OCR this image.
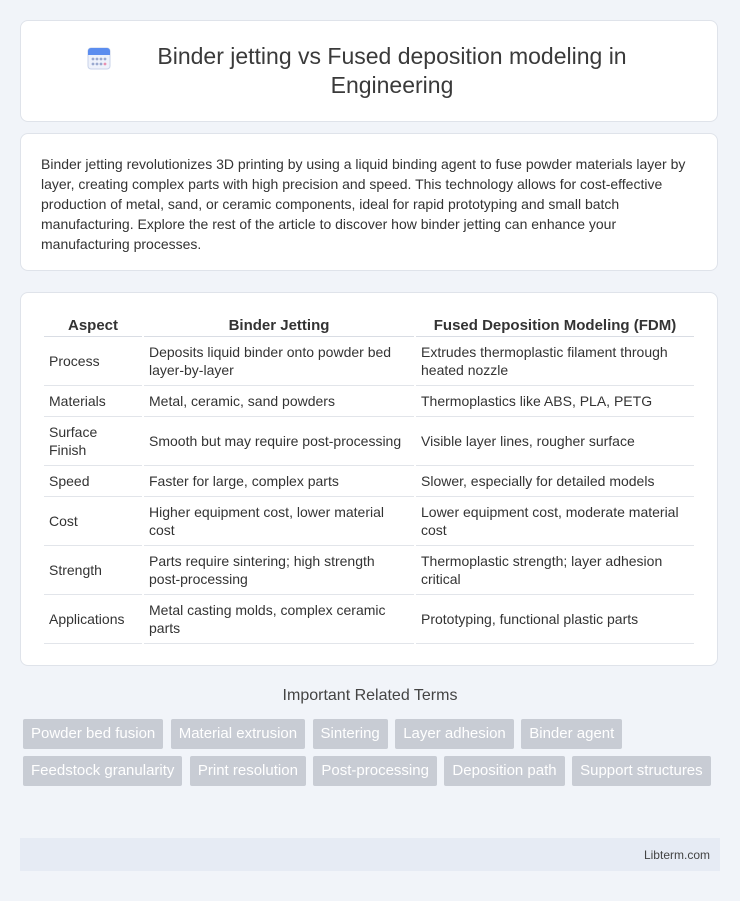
Binder jetting vs Fused deposition modeling in Engineering

Binder jetting revolutionizes 3D printing by using a liquid binding agent to fuse powder materials layer by layer, creating complex parts with high precision and speed. This technology allows for cost-effective production of metal, sand, or ceramic components, ideal for rapid prototyping and small batch manufacturing. Explore the rest of the article to discover how binder jetting can enhance your manufacturing processes.

Aspect	Binder Jetting	Fused Deposition Modeling (FDM)
Process	Deposits liquid binder onto powder bed layer-by-layer	Extrudes thermoplastic filament through heated nozzle
Materials	Metal, ceramic, sand powders	Thermoplastics like ABS, PLA, PETG
Surface Finish	Smooth but may require post-processing	Visible layer lines, rougher surface
Speed	Faster for large, complex parts	Slower, especially for detailed models
Cost	Higher equipment cost, lower material cost	Lower equipment cost, moderate material cost
Strength	Parts require sintering; high strength post-processing	Thermoplastic strength; layer adhesion critical
Applications	Metal casting molds, complex ceramic parts	Prototyping, functional plastic parts
Important Related Terms
Powder bed fusion Material extrusion Sintering Layer adhesion Binder agent Feedstock granularity Print resolution Post-processing Deposition path Support structures
Libterm.com
